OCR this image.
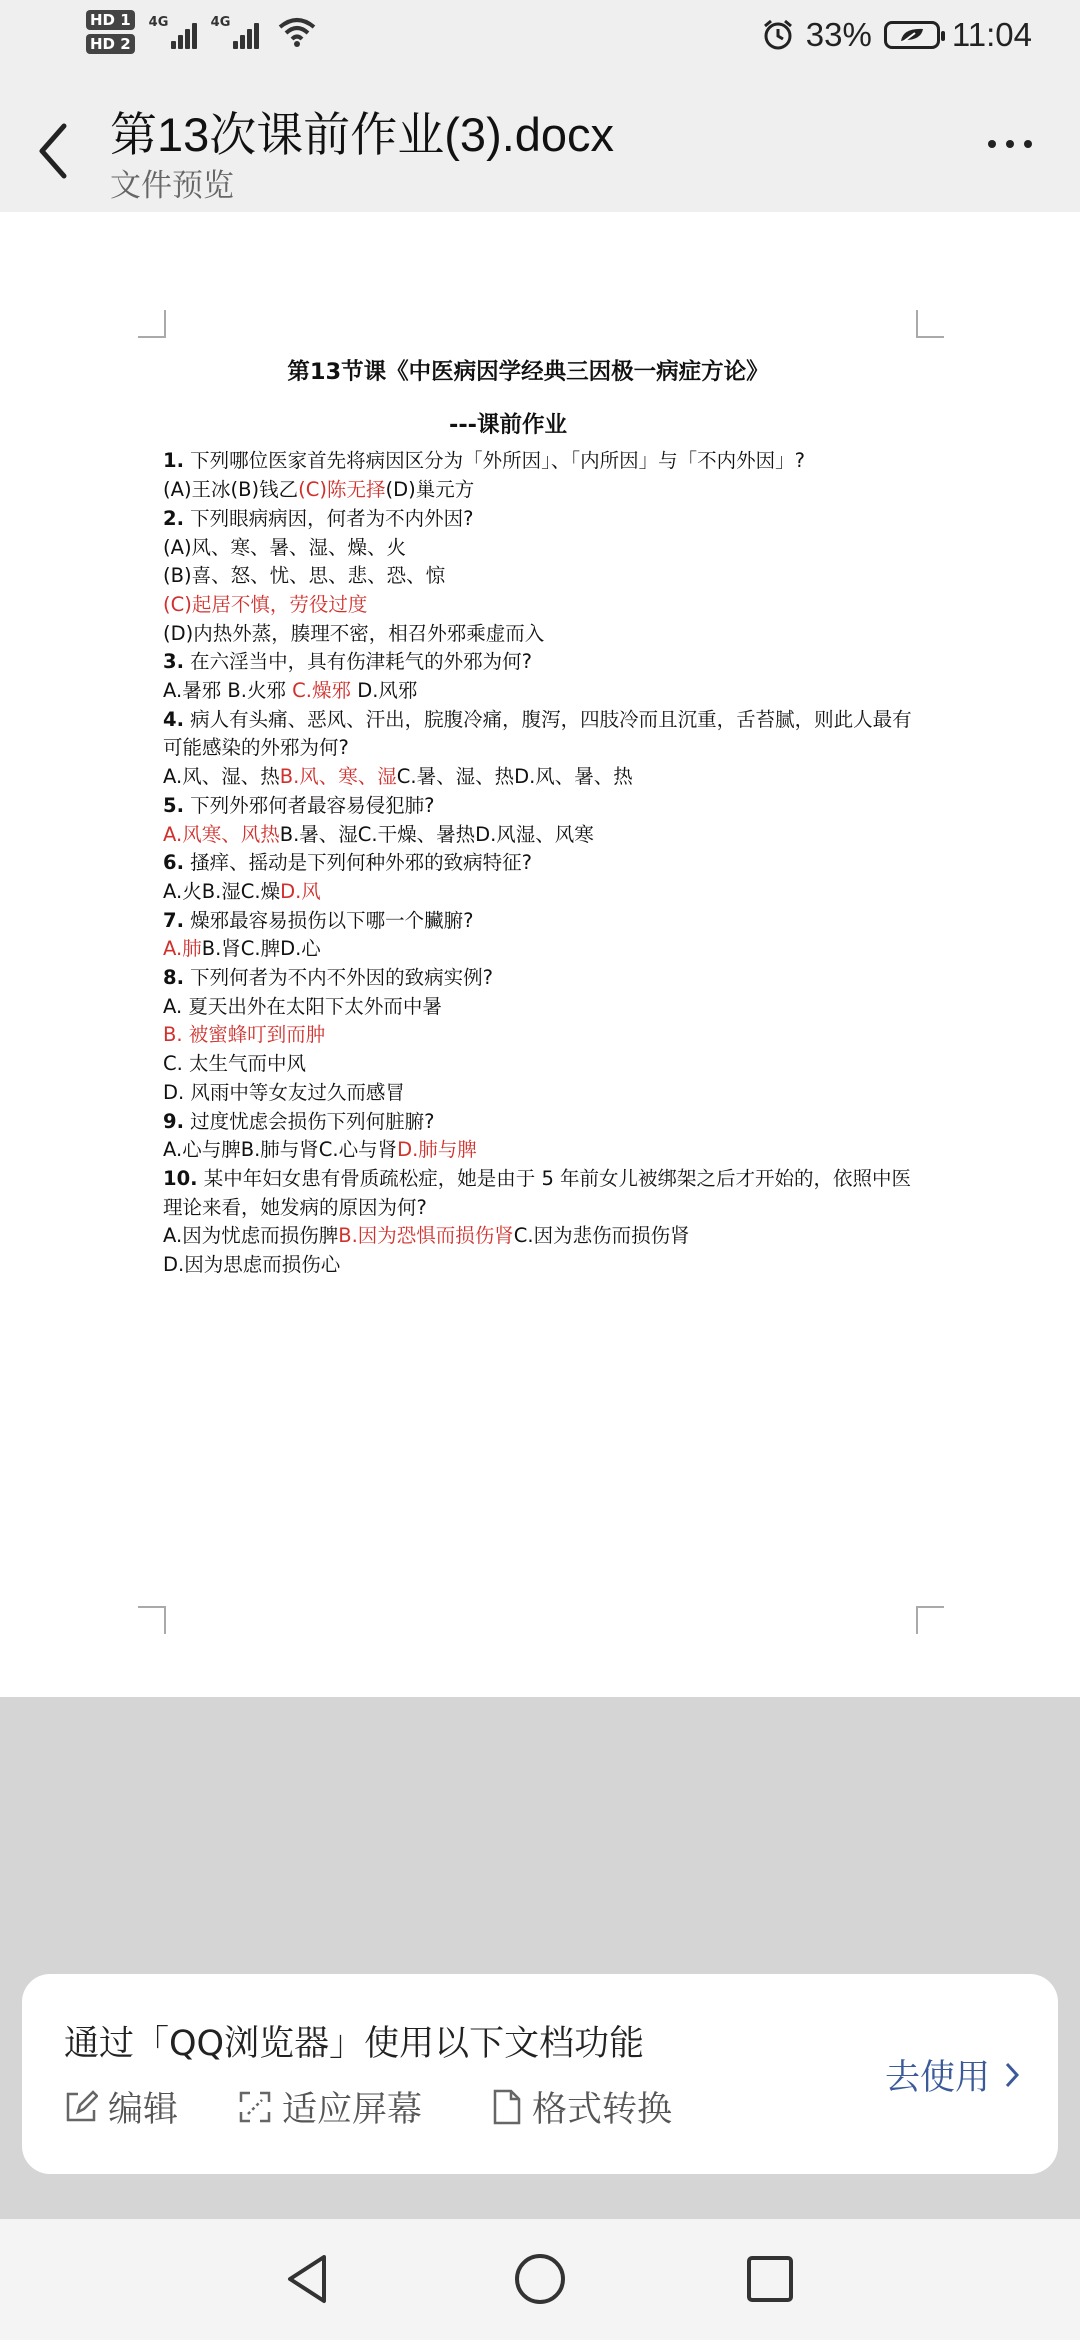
HD 1
HD 2
4G	4G	33% 11:04
第13次课前作业(3).docx
文件预览
第13节课《中医病因学经典三因极一病症方论》
---课前作业
1. 下列哪位医家首先将病因区分为「外所因」、「内所因」与「不内外因」?
(A)王冰(B)钱乙(C)陈无择(D)巢元方
2. 下列眼病病因，何者为不内外因?
(A)风、寒、暑、湿、燥、火
(B)喜、怒、忧、思、悲、恐、惊
(C)起居不慎，劳役过度
(D)内热外蒸，腠理不密，相召外邪乘虚而入
3. 在六淫当中，具有伤津耗气的外邪为何?
A.暑邪 B.火邪 C.燥邪 D.风邪
4. 病人有头痛、恶风、汗出，脘腹冷痛，腹泻，四肢冷而且沉重，舌苔腻，则此人最有可能感染的外邪为何?
A.风、湿、热B.风、寒、湿C.暑、湿、热D.风、暑、热
5. 下列外邪何者最容易侵犯肺?
A.风寒、风热B.暑、湿C.干燥、暑热D.风湿、风寒
6. 搔痒、摇动是下列何种外邪的致病特征?
A.火B.湿C.燥D.风
7. 燥邪最容易损伤以下哪一个臟腑?
A.肺B.肾C.脾D.心
8. 下列何者为不内不外因的致病实例?
A. 夏天出外在太阳下太外而中暑
B. 被蜜蜂叮到而肿
C. 太生气而中风
D. 风雨中等女友过久而感冒
9. 过度忧虑会损伤下列何脏腑?
A.心与脾B.肺与肾C.心与肾D.肺与脾
10. 某中年妇女患有骨质疏松症，她是由于 5 年前女儿被绑架之后才开始的，依照中医理论来看，她发病的原因为何?
A.因为忧虑而损伤脾B.因为恐惧而损伤肾C.因为悲伤而损伤肾
D.因为思虑而损伤心
通过「QQ浏览器」使用以下文档功能
编辑	适应屏幕	格式转换
去使用
